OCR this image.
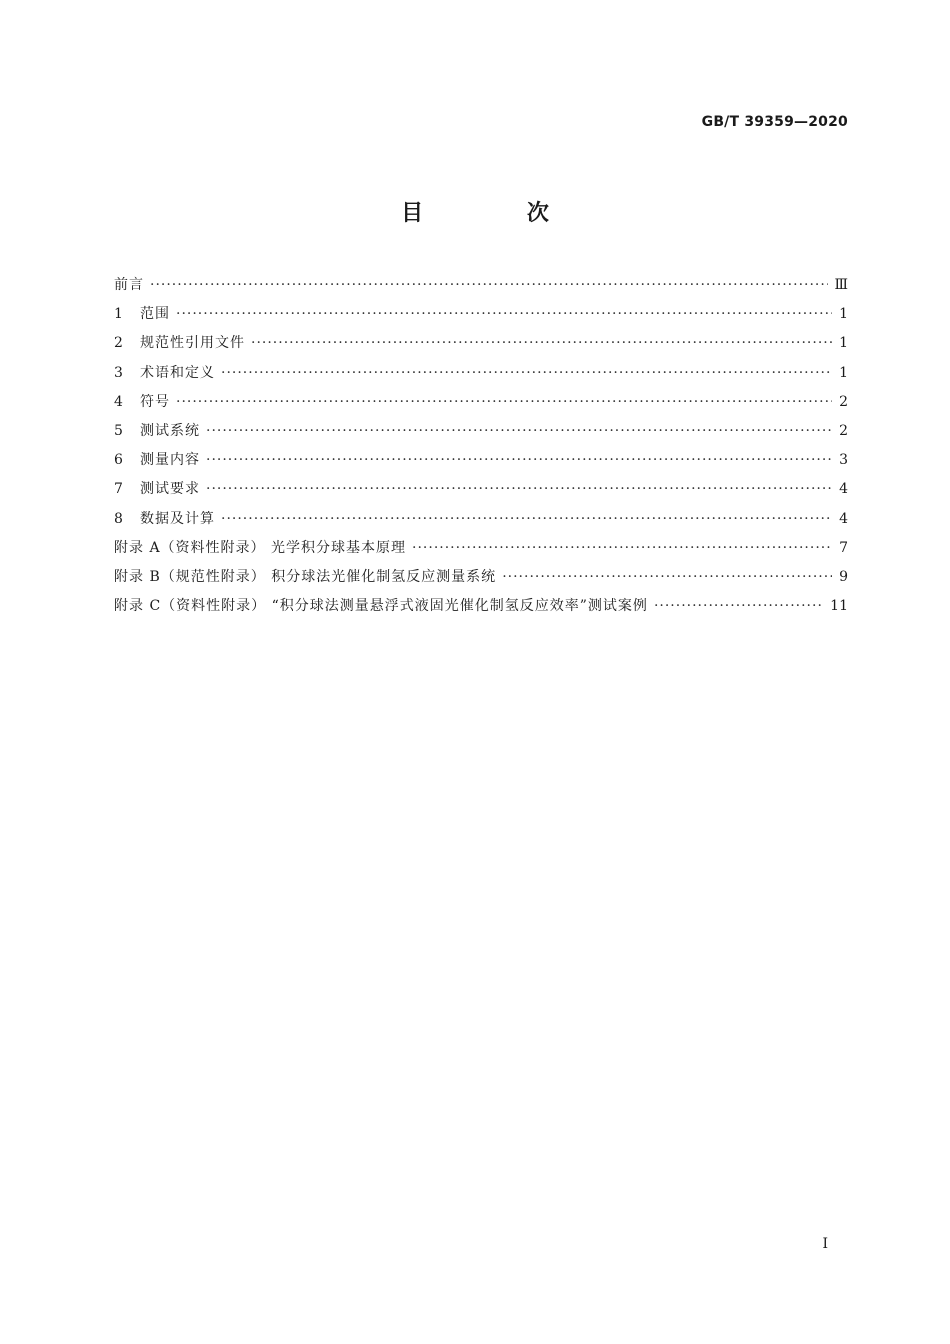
GB/T 39359—2020
目 次
前言 ·····	Ⅲ
1	范围 ·····	1
2	规范性引用文件 ·····	1
3	术语和定义 ·····	1
4	符号 ·····	2
5	测试系统 ·····	2
6	测量内容 ·····	3
7	测试要求 ·····	4
8	数据及计算 ·····	4
附录 A（资料性附录） 光学积分球基本原理 ·····	7
附录 B（规范性附录） 积分球法光催化制氢反应测量系统 ·····	9
附录 C（资料性附录） “积分球法测量悬浮式液固光催化制氢反应效率”测试案例 ·····	11
I
